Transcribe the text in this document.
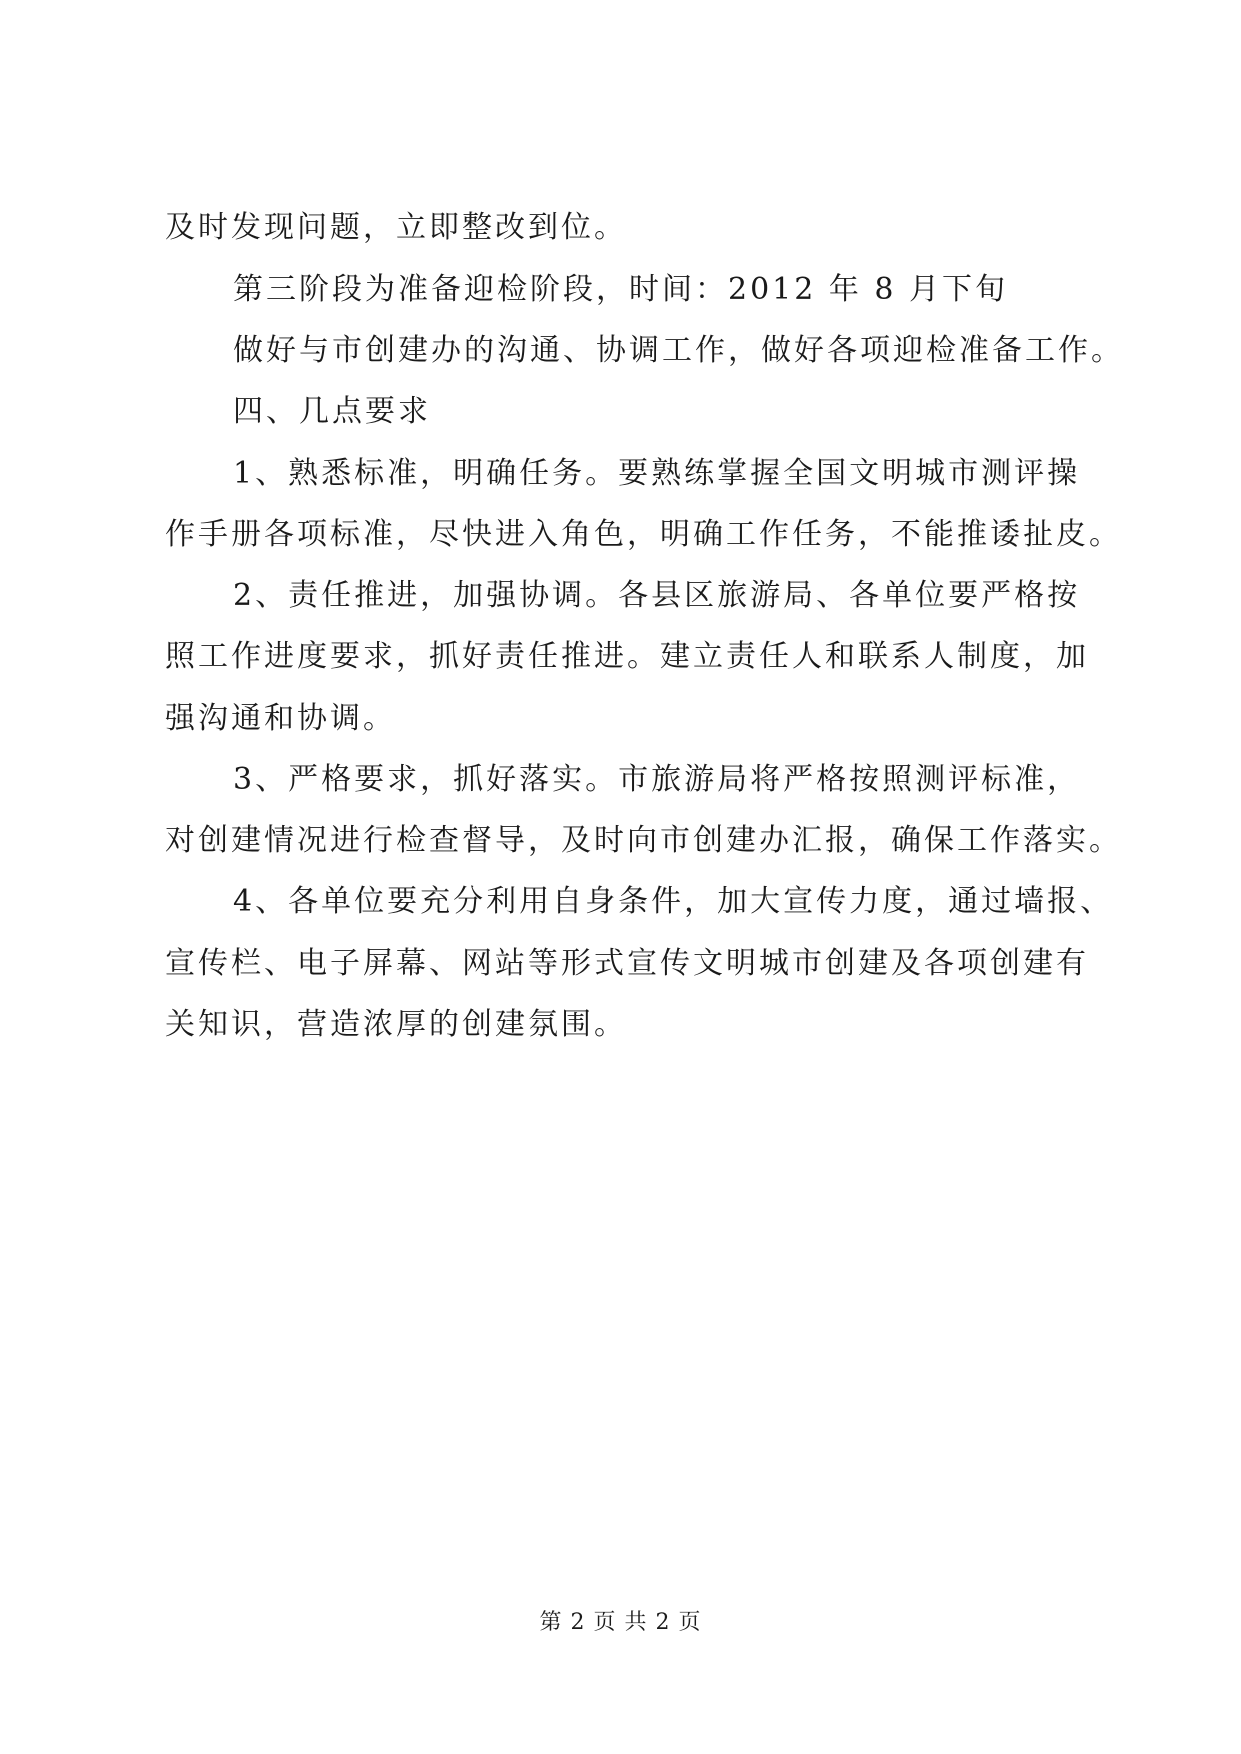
及时发现问题，立即整改到位。
第三阶段为准备迎检阶段，时间：2012 年 8 月下旬
做好与市创建办的沟通、协调工作，做好各项迎检准备工作。
四、几点要求
1、熟悉标准，明确任务。要熟练掌握全国文明城市测评操
作手册各项标准，尽快进入角色，明确工作任务，不能推诿扯皮。
2、责任推进，加强协调。各县区旅游局、各单位要严格按
照工作进度要求，抓好责任推进。建立责任人和联系人制度，加
强沟通和协调。
3、严格要求，抓好落实。市旅游局将严格按照测评标准，
对创建情况进行检查督导，及时向市创建办汇报，确保工作落实。
4、各单位要充分利用自身条件，加大宣传力度，通过墙报、
宣传栏、电子屏幕、网站等形式宣传文明城市创建及各项创建有
关知识，营造浓厚的创建氛围。
第 2 页 共 2 页
